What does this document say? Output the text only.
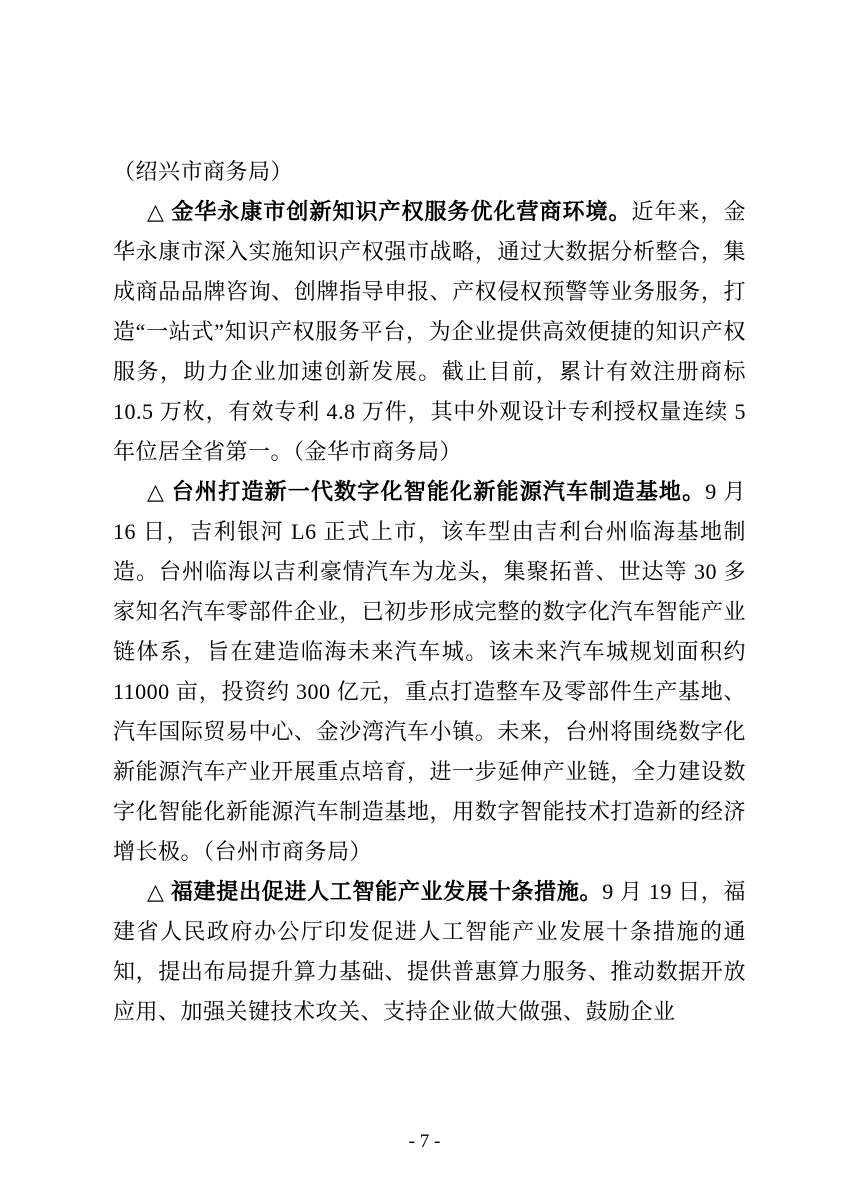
（绍兴市商务局）

△ 金华永康市创新知识产权服务优化营商环境。近年来，金华永康市深入实施知识产权强市战略，通过大数据分析整合，集成商品品牌咨询、创牌指导申报、产权侵权预警等业务服务，打造“一站式”知识产权服务平台，为企业提供高效便捷的知识产权服务，助力企业加速创新发展。截止目前，累计有效注册商标 10.5 万枚，有效专利 4.8 万件，其中外观设计专利授权量连续 5 年位居全省第一。（金华市商务局）

△ 台州打造新一代数字化智能化新能源汽车制造基地。9 月 16 日，吉利银河 L6 正式上市，该车型由吉利台州临海基地制造。台州临海以吉利豪情汽车为龙头，集聚拓普、世达等 30 多家知名汽车零部件企业，已初步形成完整的数字化汽车智能产业链体系，旨在建造临海未来汽车城。该未来汽车城规划面积约 11000 亩，投资约 300 亿元，重点打造整车及零部件生产基地、汽车国际贸易中心、金沙湾汽车小镇。未来，台州将围绕数字化新能源汽车产业开展重点培育，进一步延伸产业链，全力建设数字化智能化新能源汽车制造基地，用数字智能技术打造新的经济增长极。（台州市商务局）

△ 福建提出促进人工智能产业发展十条措施。9 月 19 日，福建省人民政府办公厅印发促进人工智能产业发展十条措施的通知，提出布局提升算力基础、提供普惠算力服务、推动数据开放应用、加强关键技术攻关、支持企业做大做强、鼓励企业

- 7 -
